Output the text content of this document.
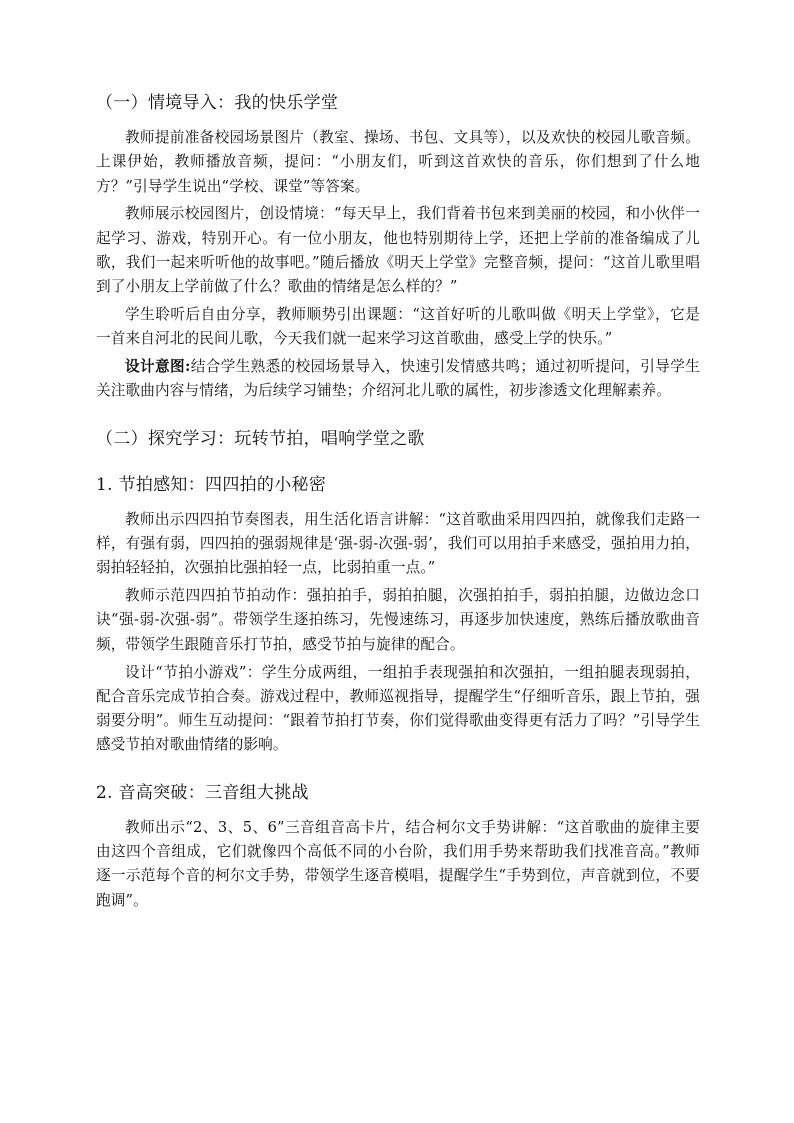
（一）情境导入：我的快乐学堂

教师提前准备校园场景图片（教室、操场、书包、文具等），以及欢快的校园儿歌音频。上课伊始，教师播放音频，提问：“小朋友们，听到这首欢快的音乐，你们想到了什么地方？”引导学生说出“学校、课堂”等答案。

教师展示校园图片，创设情境：“每天早上，我们背着书包来到美丽的校园，和小伙伴一起学习、游戏，特别开心。有一位小朋友，他也特别期待上学，还把上学前的准备编成了儿歌，我们一起来听听他的故事吧。”随后播放《明天上学堂》完整音频，提问：“这首儿歌里唱到了小朋友上学前做了什么？歌曲的情绪是怎么样的？”

学生聆听后自由分享，教师顺势引出课题：“这首好听的儿歌叫做《明天上学堂》，它是一首来自河北的民间儿歌，今天我们就一起来学习这首歌曲，感受上学的快乐。”

设计意图:结合学生熟悉的校园场景导入，快速引发情感共鸣；通过初听提问，引导学生关注歌曲内容与情绪，为后续学习铺垫；介绍河北儿歌的属性，初步渗透文化理解素养。

（二）探究学习：玩转节拍，唱响学堂之歌
1. 节拍感知：四四拍的小秘密

教师出示四四拍节奏图表，用生活化语言讲解：“这首歌曲采用四四拍，就像我们走路一样，有强有弱，四四拍的强弱规律是‘强-弱-次强-弱’，我们可以用拍手来感受，强拍用力拍，弱拍轻轻拍，次强拍比强拍轻一点，比弱拍重一点。”

教师示范四四拍节拍动作：强拍拍手，弱拍拍腿，次强拍拍手，弱拍拍腿，边做边念口诀“强-弱-次强-弱”。带领学生逐拍练习，先慢速练习，再逐步加快速度，熟练后播放歌曲音频，带领学生跟随音乐打节拍，感受节拍与旋律的配合。

设计“节拍小游戏”：学生分成两组，一组拍手表现强拍和次强拍，一组拍腿表现弱拍，配合音乐完成节拍合奏。游戏过程中，教师巡视指导，提醒学生“仔细听音乐，跟上节拍，强弱要分明”。师生互动提问：“跟着节拍打节奏，你们觉得歌曲变得更有活力了吗？”引导学生感受节拍对歌曲情绪的影响。

2. 音高突破：三音组大挑战

教师出示“2、3、5、6”三音组音高卡片，结合柯尔文手势讲解：“这首歌曲的旋律主要由这四个音组成，它们就像四个高低不同的小台阶，我们用手势来帮助我们找准音高。”教师逐一示范每个音的柯尔文手势，带领学生逐音模唱，提醒学生“手势到位，声音就到位，不要跑调”。
